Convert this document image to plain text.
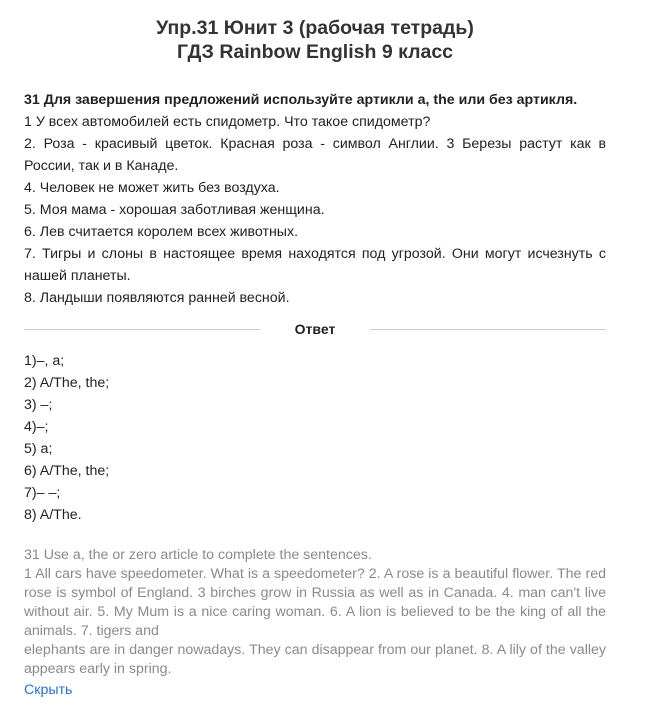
Упр.31 Юнит 3 (рабочая тетрадь)
ГДЗ Rainbow English 9 класс
31 Для завершения предложений используйте артикли a, the или без артикля.
1 У всех автомобилей есть спидометр. Что такое спидометр?
2. Роза - красивый цветок. Красная роза - символ Англии. 3 Березы растут как в России, так и в Канаде.
4. Человек не может жить без воздуха.
5. Моя мама - хорошая заботливая женщина.
6. Лев считается королем всех животных.
7. Тигры и слоны в настоящее время находятся под угрозой. Они могут исчезнуть с нашей планеты.
8. Ландыши появляются ранней весной.
Ответ
1)–, a;
2) A/The, the;
3) –;
4)–;
5) a;
6) A/The, the;
7)– –;
8) A/The.
31 Use a, the or zero article to complete the sentences.
1 All cars have speedometer. What is a speedometer? 2. A rose is a beautiful flower. The red rose is symbol of England. 3 birches grow in Russia as well as in Canada. 4. man can't live without air. 5. My Mum is a nice caring woman. 6. A lion is believed to be the king of all the animals. 7. tigers and
elephants are in danger nowadays. They can disappear from our planet. 8. A lily of the valley appears early in spring.
Скрыть
